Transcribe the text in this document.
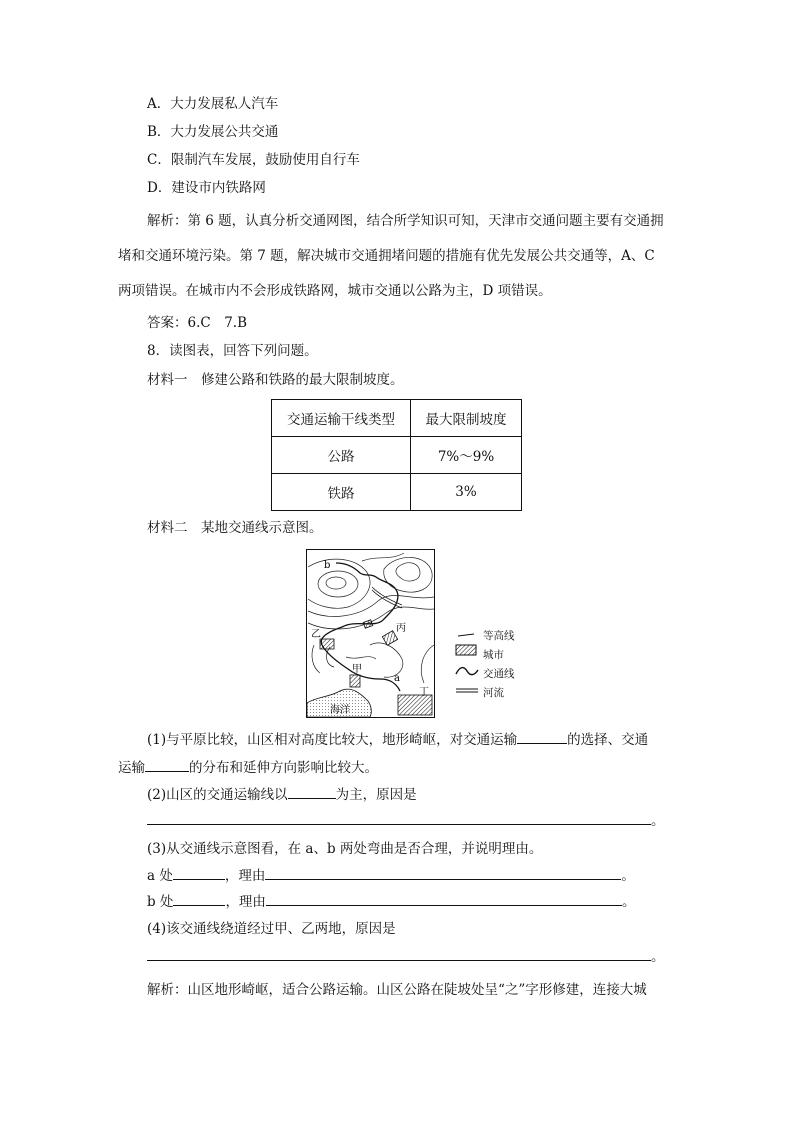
A．大力发展私人汽车
B．大力发展公共交通
C．限制汽车发展，鼓励使用自行车
D．建设市内铁路网
解析：第 6 题，认真分析交通网图，结合所学知识可知，天津市交通问题主要有交通拥
堵和交通环境污染。第 7 题，解决城市交通拥堵问题的措施有优先发展公共交通等，A、C
两项错误。在城市内不会形成铁路网，城市交通以公路为主，D 项错误。
答案：6.C　7.B
8．读图表，回答下列问题。
材料一　修建公路和铁路的最大限制坡度。
交通运输干线类型	最大限制坡度
公路	7%～9%
铁路	3%
材料二　某地交通线示意图。
b
丙
乙
甲
a
丁
海洋
等高线
城市
交通线
河流
(1)与平原比较，山区相对高度比较大，地形崎岖，对交通运输	的选择、交通
运输	的分布和延伸方向影响比较大。
(2)山区的交通运输线以	为主，原因是
。
(3)从交通线示意图看，在 a、b 两处弯曲是否合理，并说明理由。
a 处	，理由	。
b 处	，理由	。
(4)该交通线绕道经过甲、乙两地，原因是
。
解析：山区地形崎岖，适合公路运输。山区公路在陡坡处呈“之”字形修建，连接大城
